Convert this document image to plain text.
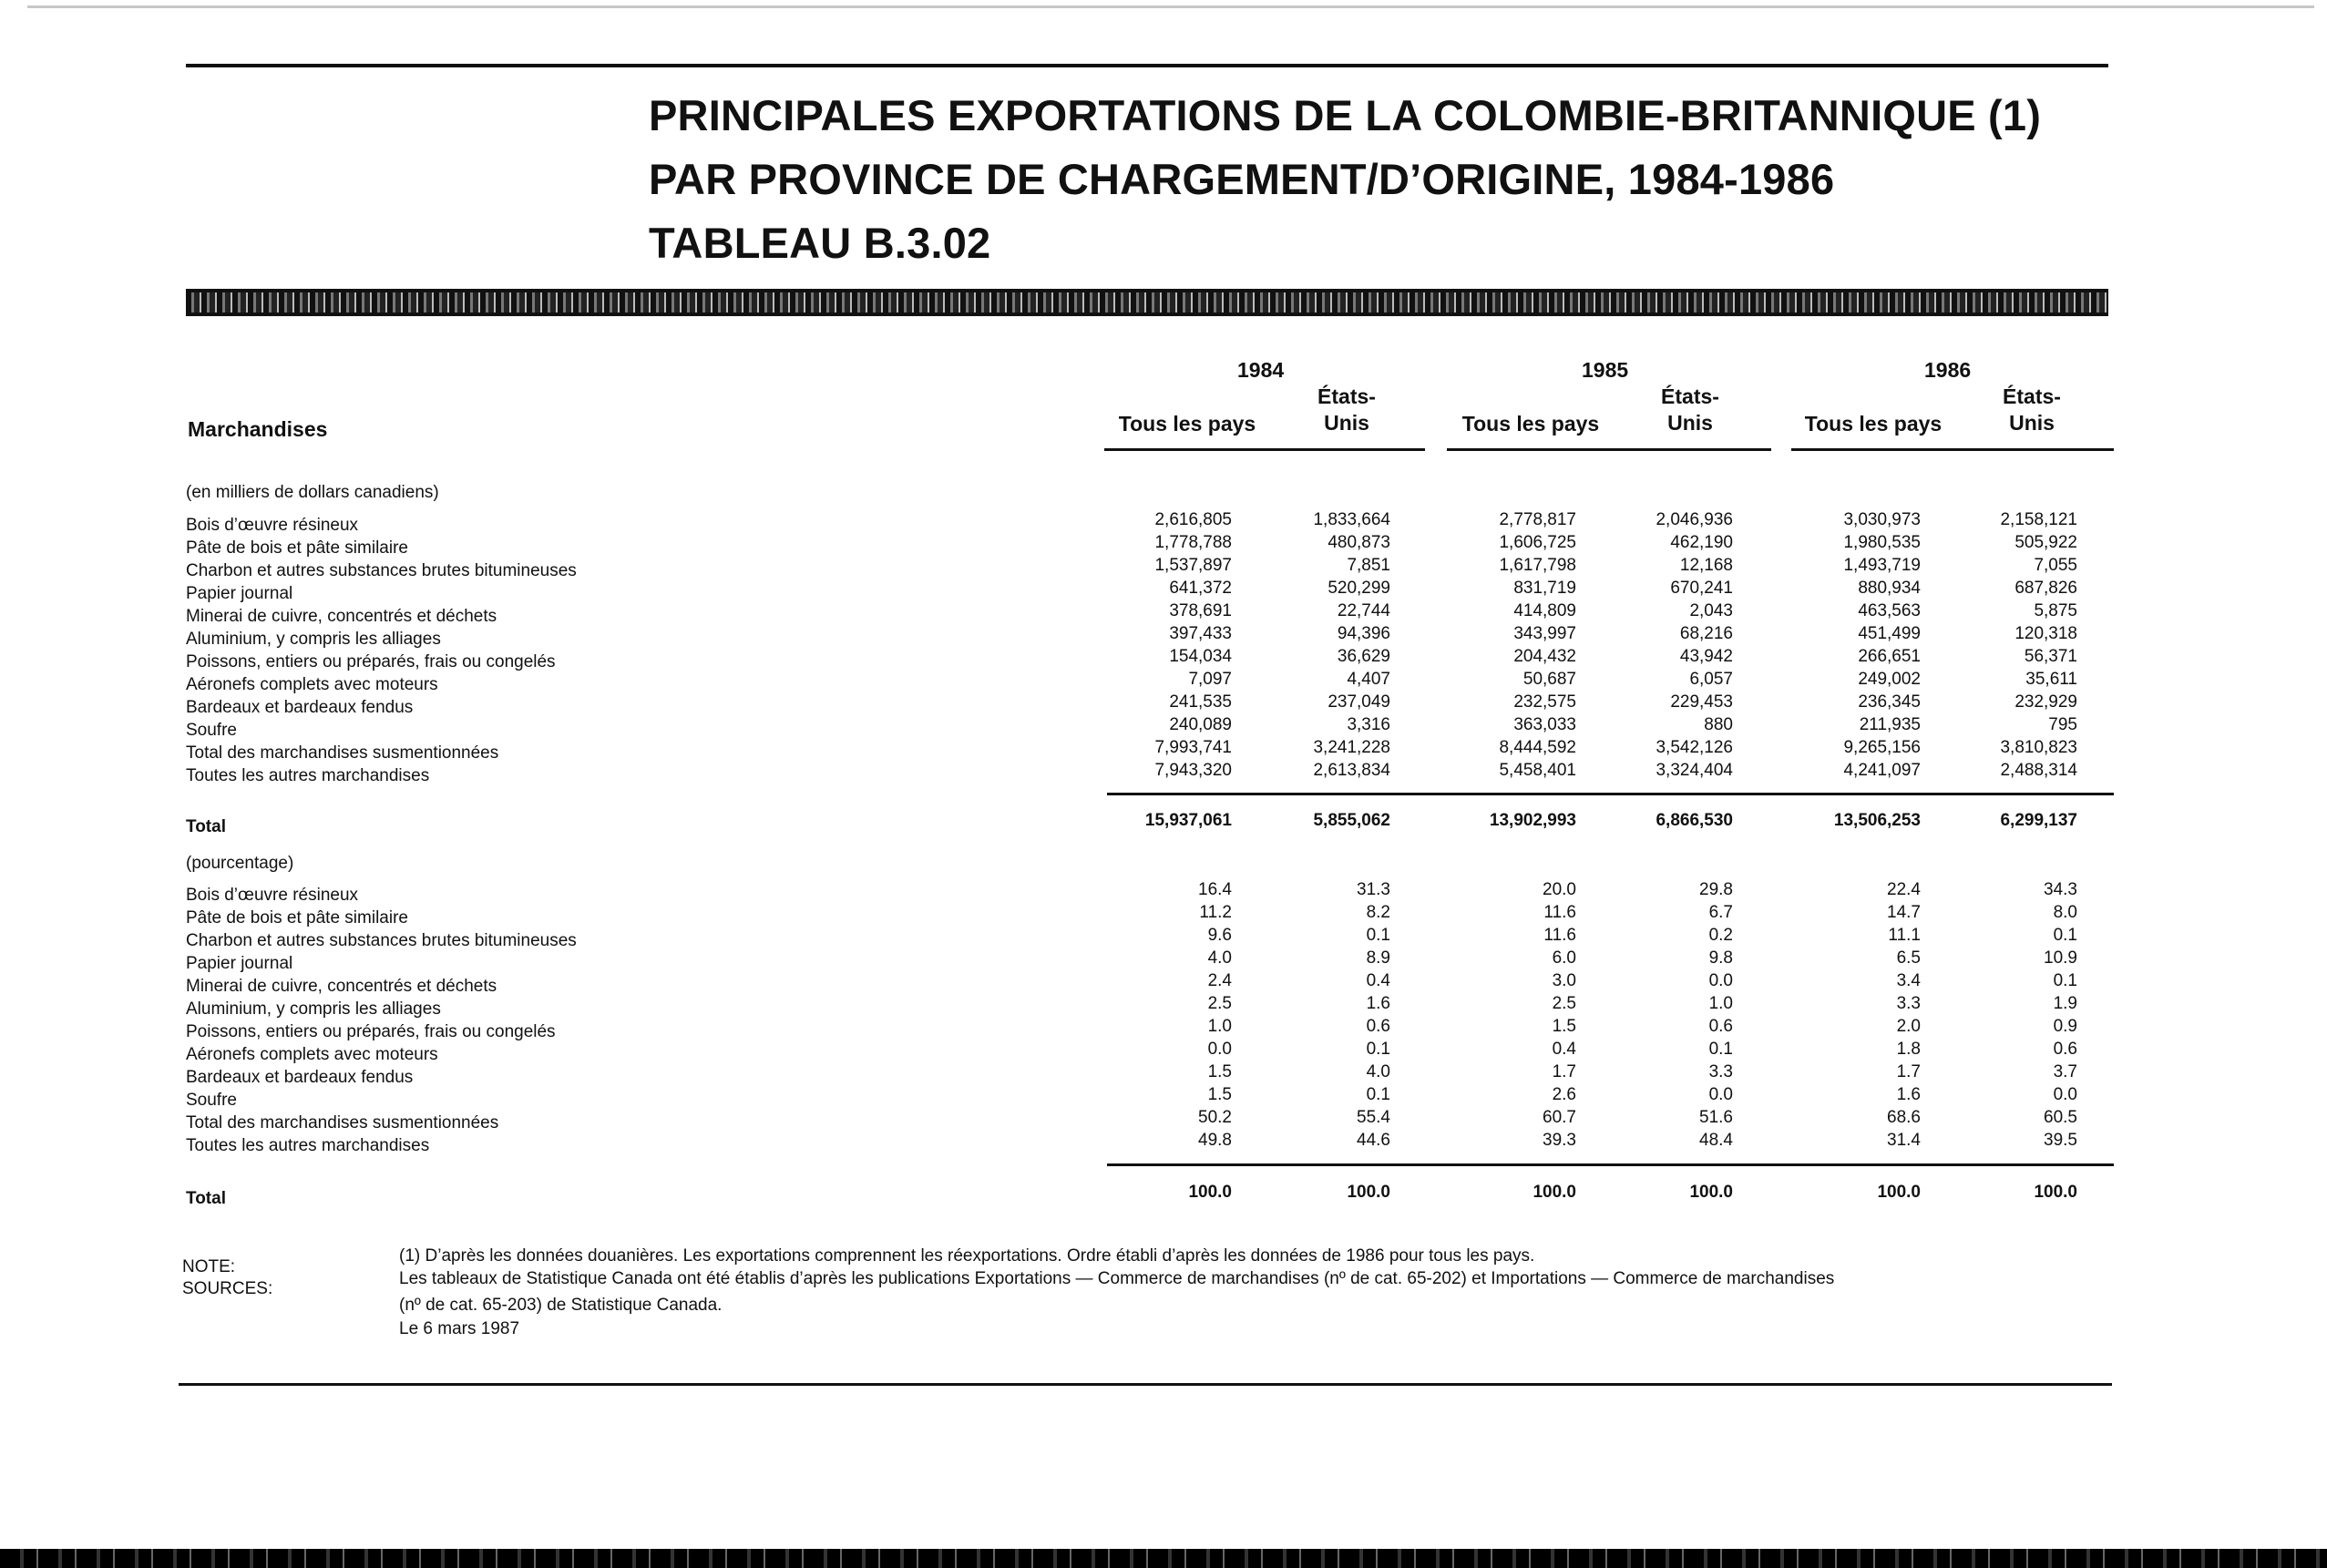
PRINCIPALES EXPORTATIONS DE LA COLOMBIE-BRITANNIQUE (1)
PAR PROVINCE DE CHARGEMENT/D’ORIGINE, 1984-1986
TABLEAU B.3.02
Marchandises
1984	1985	1986
Tous les pays
États-
Unis	Tous les pays
États-
Unis	Tous les pays
États-
Unis
(en milliers de dollars canadiens)
Bois d’œuvre résineux	2,616,805	1,833,664	2,778,817	2,046,936	3,030,973	2,158,121
Pâte de bois et pâte similaire	1,778,788	480,873	1,606,725	462,190	1,980,535	505,922
Charbon et autres substances brutes bitumineuses	1,537,897	7,851	1,617,798	12,168	1,493,719	7,055
Papier journal	641,372	520,299	831,719	670,241	880,934	687,826
Minerai de cuivre, concentrés et déchets	378,691	22,744	414,809	2,043	463,563	5,875
Aluminium, y compris les alliages	397,433	94,396	343,997	68,216	451,499	120,318
Poissons, entiers ou préparés, frais ou congelés	154,034	36,629	204,432	43,942	266,651	56,371
Aéronefs complets avec moteurs	7,097	4,407	50,687	6,057	249,002	35,611
Bardeaux et bardeaux fendus	241,535	237,049	232,575	229,453	236,345	232,929
Soufre	240,089	3,316	363,033	880	211,935	795
Total des marchandises susmentionnées	7,993,741	3,241,228	8,444,592	3,542,126	9,265,156	3,810,823
Toutes les autres marchandises	7,943,320	2,613,834	5,458,401	3,324,404	4,241,097	2,488,314
Total	15,937,061	5,855,062	13,902,993	6,866,530	13,506,253	6,299,137
(pourcentage)
Bois d’œuvre résineux	16.4	31.3	20.0	29.8	22.4	34.3
Pâte de bois et pâte similaire	11.2	8.2	11.6	6.7	14.7	8.0
Charbon et autres substances brutes bitumineuses	9.6	0.1	11.6	0.2	11.1	0.1
Papier journal	4.0	8.9	6.0	9.8	6.5	10.9
Minerai de cuivre, concentrés et déchets	2.4	0.4	3.0	0.0	3.4	0.1
Aluminium, y compris les alliages	2.5	1.6	2.5	1.0	3.3	1.9
Poissons, entiers ou préparés, frais ou congelés	1.0	0.6	1.5	0.6	2.0	0.9
Aéronefs complets avec moteurs	0.0	0.1	0.4	0.1	1.8	0.6
Bardeaux et bardeaux fendus	1.5	4.0	1.7	3.3	1.7	3.7
Soufre	1.5	0.1	2.6	0.0	1.6	0.0
Total des marchandises susmentionnées	50.2	55.4	60.7	51.6	68.6	60.5
Toutes les autres marchandises	49.8	44.6	39.3	48.4	31.4	39.5
Total	100.0	100.0	100.0	100.0	100.0	100.0
NOTE:
(1) D’après les données douanières. Les exportations comprennent les réexportations. Ordre établi d’après les données de 1986 pour tous les pays.
SOURCES:
Les tableaux de Statistique Canada ont été établis d’après les publications Exportations — Commerce de marchandises (nº de cat. 65-202) et Importations — Commerce de marchandises
(nº de cat. 65-203) de Statistique Canada.
Le 6 mars 1987
